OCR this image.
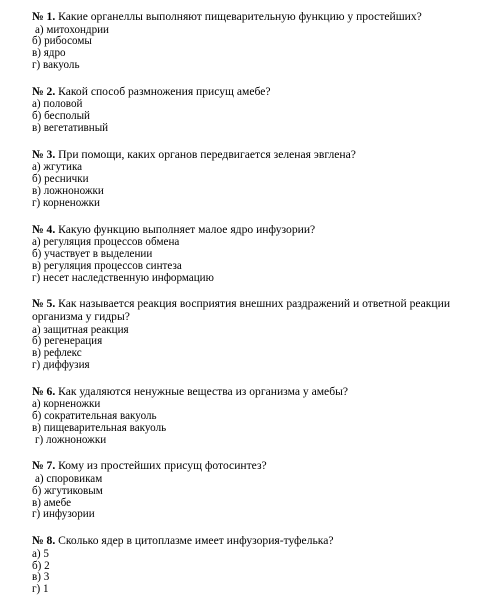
№ 1. Какие органеллы выполняют пищеварительную функцию у простейших?
а) митохондрии
б) рибосомы
в) ядро
г) вакуоль
№ 2. Какой способ размножения присущ амебе?
а) половой
б) бесполый
в) вегетативный
№ 3. При помощи, каких органов передвигается зеленая эвглена?
а) жгутика
б) реснички
в) ложноножки
г) корненожки
№ 4. Какую функцию выполняет малое ядро инфузории?
а) регуляция процессов обмена
б) участвует в выделении
в) регуляция процессов синтеза
г) несет наследственную информацию
№ 5. Как называется реакция восприятия внешних раздражений и ответной реакции организма у гидры?
а) защитная реакция
б) регенерация
в) рефлекс
г) диффузия
№ 6. Как удаляются ненужные вещества из организма у амебы?
а) корненожки
б) сократительная вакуоль
в) пищеварительная вакуоль
г) ложноножки
№ 7. Кому из простейших присущ фотосинтез?
а) споровикам
б) жгутиковым
в) амебе
г) инфузории
№ 8. Сколько ядер в цитоплазме имеет инфузория-туфелька?
а) 5
б) 2
в) 3
г) 1
